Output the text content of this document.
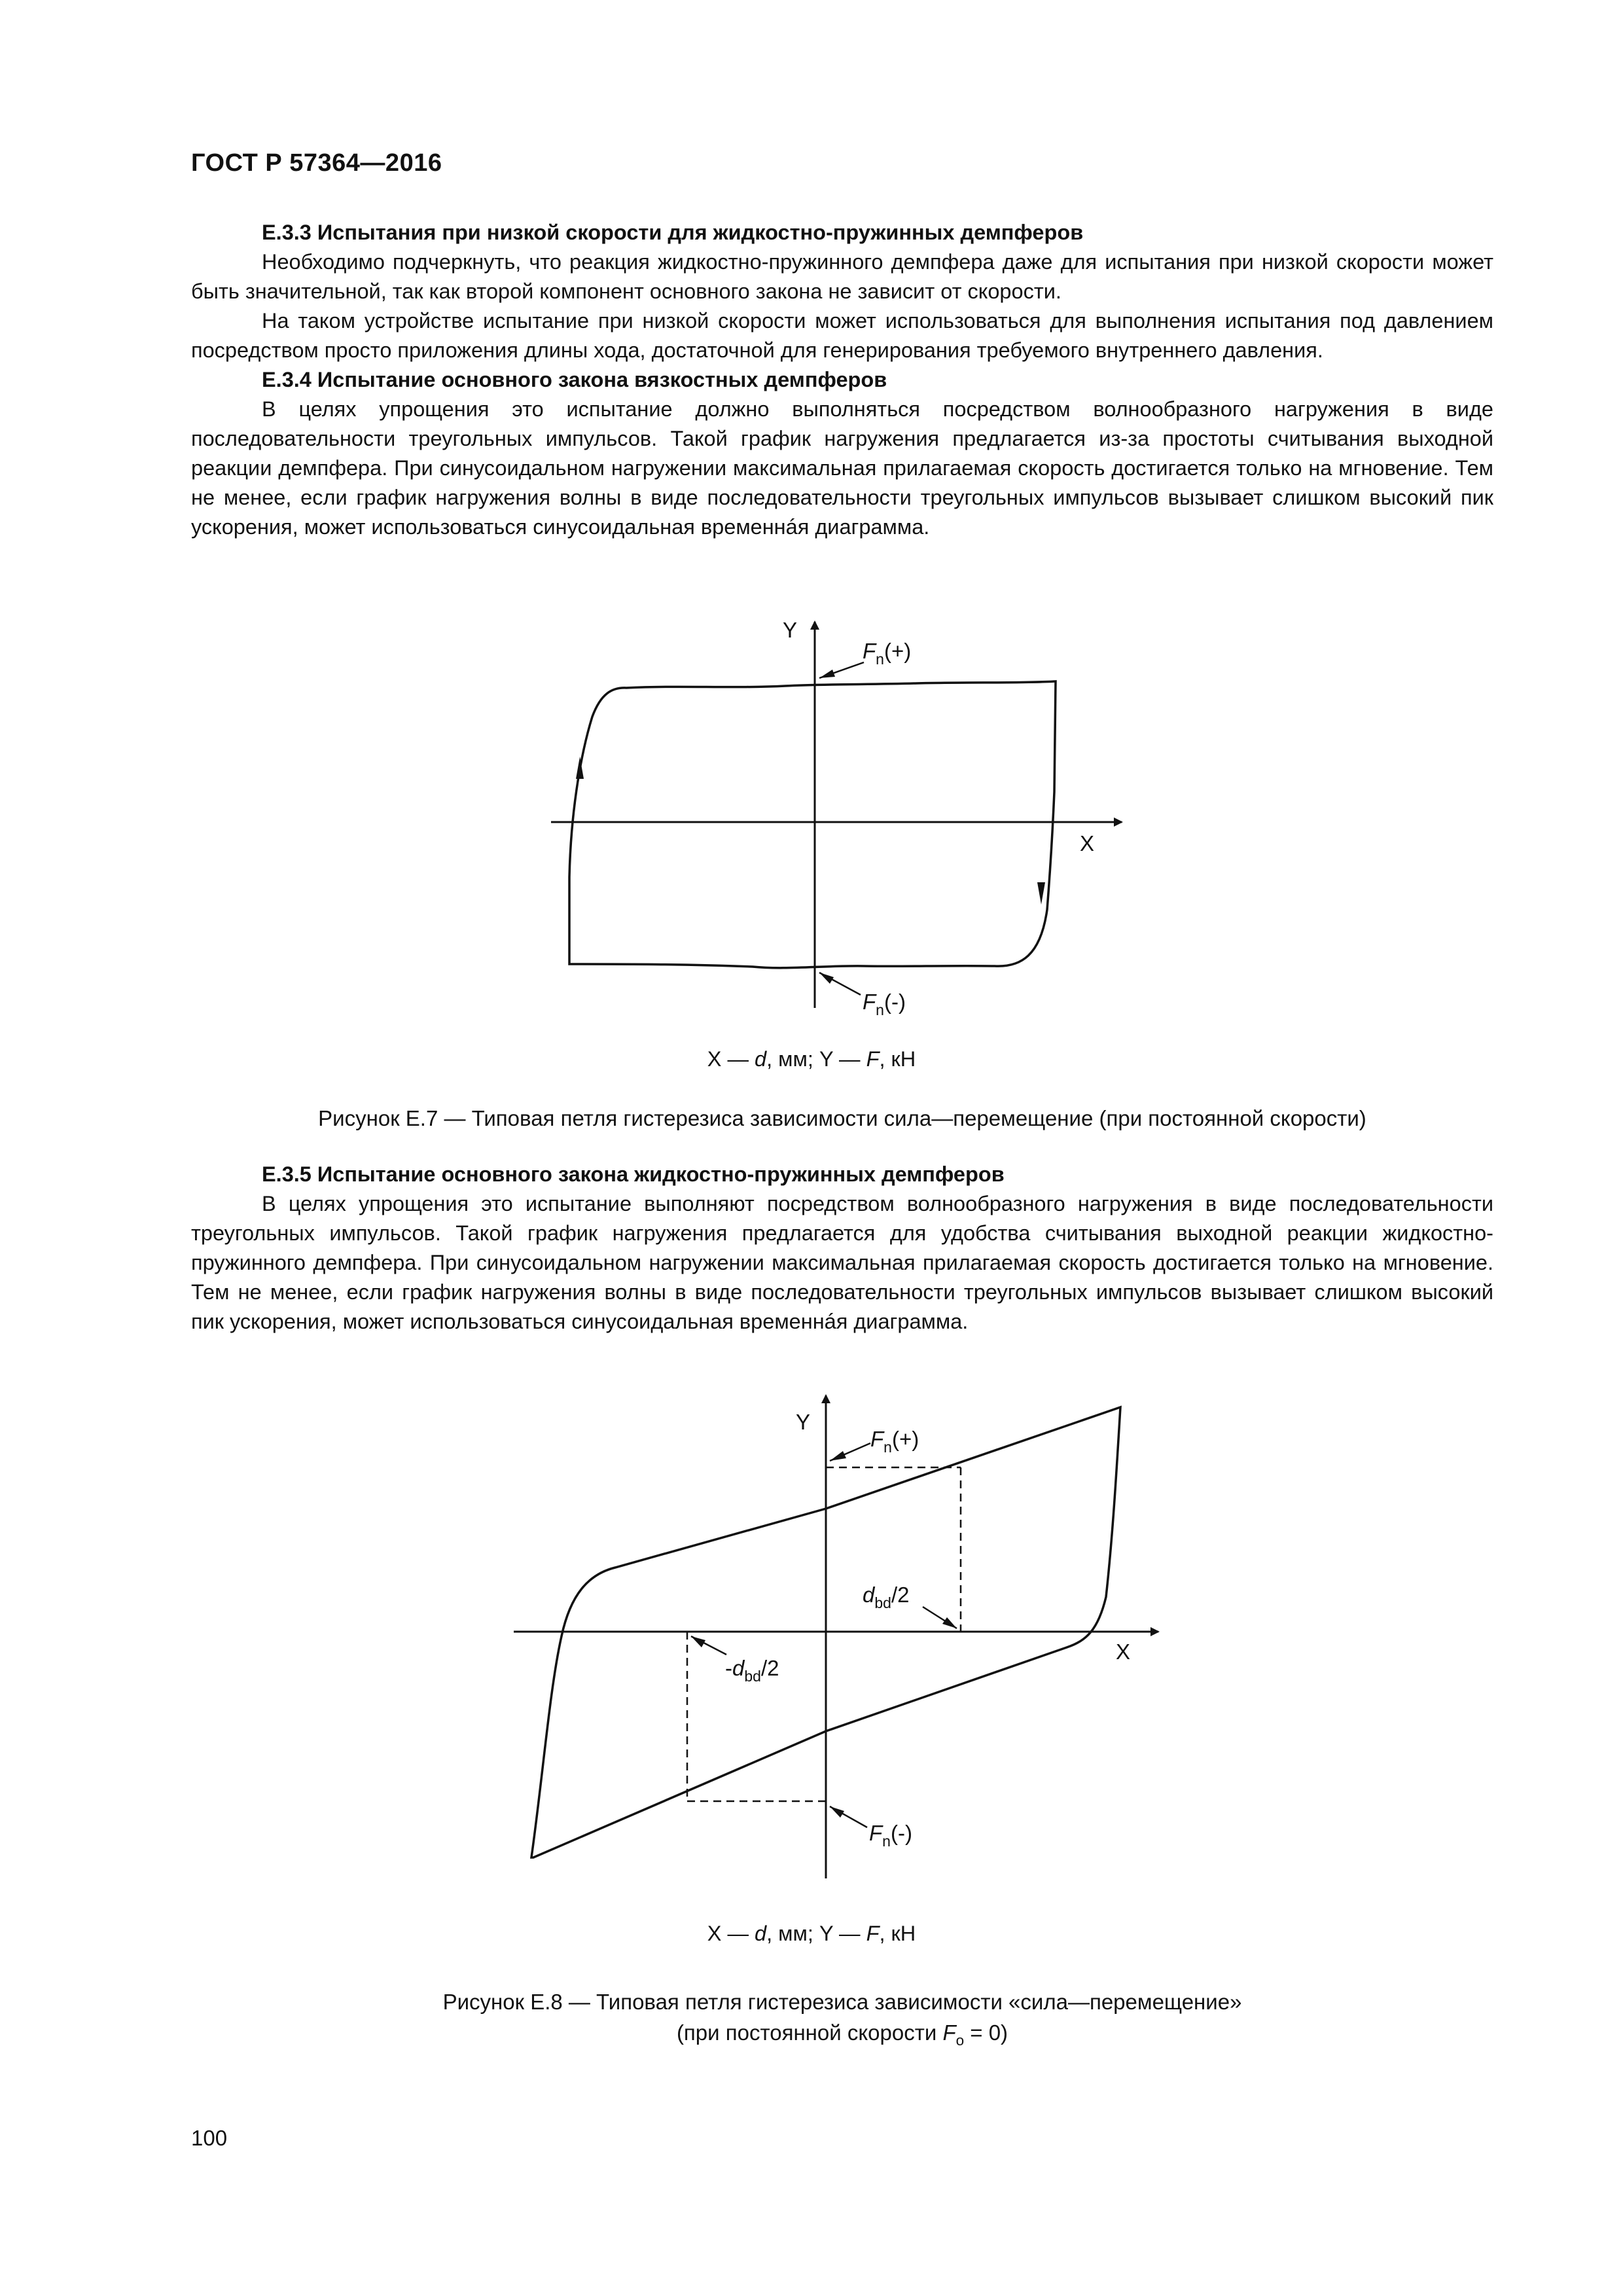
ГОСТ Р 57364—2016

Е.3.3 Испытания при низкой скорости для жидкостно-пружинных демпферов

Необходимо подчеркнуть, что реакция жидкостно-пружинного демпфера даже для испытания при низкой скорости может быть значительной, так как второй компонент основного закона не зависит от скорости.

На таком устройстве испытание при низкой скорости может использоваться для выполнения испытания под давлением посредством просто приложения длины хода, достаточной для генерирования требуемого внутреннего давления.

Е.3.4 Испытание основного закона вязкостных демпферов

В целях упрощения это испытание должно выполняться посредством волнообразного нагружения в виде последовательности треугольных импульсов. Такой график нагружения предлагается из-за простоты считывания выходной реакции демпфера. При синусоидальном нагружении максимальная прилагаемая скорость достигается только на мгновение. Тем не менее, если график нагружения волны в виде последовательности треугольных импульсов вызывает слишком высокий пик ускорения, может использоваться синусоидальная временнáя диаграмма.

Y
X
$F_n(+)$
$F_n(-)$
X — d, мм; Y — F, кН
Рисунок Е.7 — Типовая петля гистерезиса зависимости сила—перемещение (при постоянной скорости)

Е.3.5 Испытание основного закона жидкостно-пружинных демпферов

В целях упрощения это испытание выполняют посредством волнообразного нагружения в виде последовательности треугольных импульсов. Такой график нагружения предлагается для удобства считывания выходной реакции жидкостно-пружинного демпфера. При синусоидальном нагружении максимальная прилагаемая скорость достигается только на мгновение. Тем не менее, если график нагружения волны в виде последовательности треугольных импульсов вызывает слишком высокий пик ускорения, может использоваться синусоидальная временнáя диаграмма.

Y
X
$F_n(+)$
$d_{bd}/2$
$-d_{bd}/2$
$F_n(-)$
X — d, мм; Y — F, кН
Рисунок Е.8 — Типовая петля гистерезиса зависимости «сила—перемещение»
(при постоянной скорости $F_o = 0$)
100
